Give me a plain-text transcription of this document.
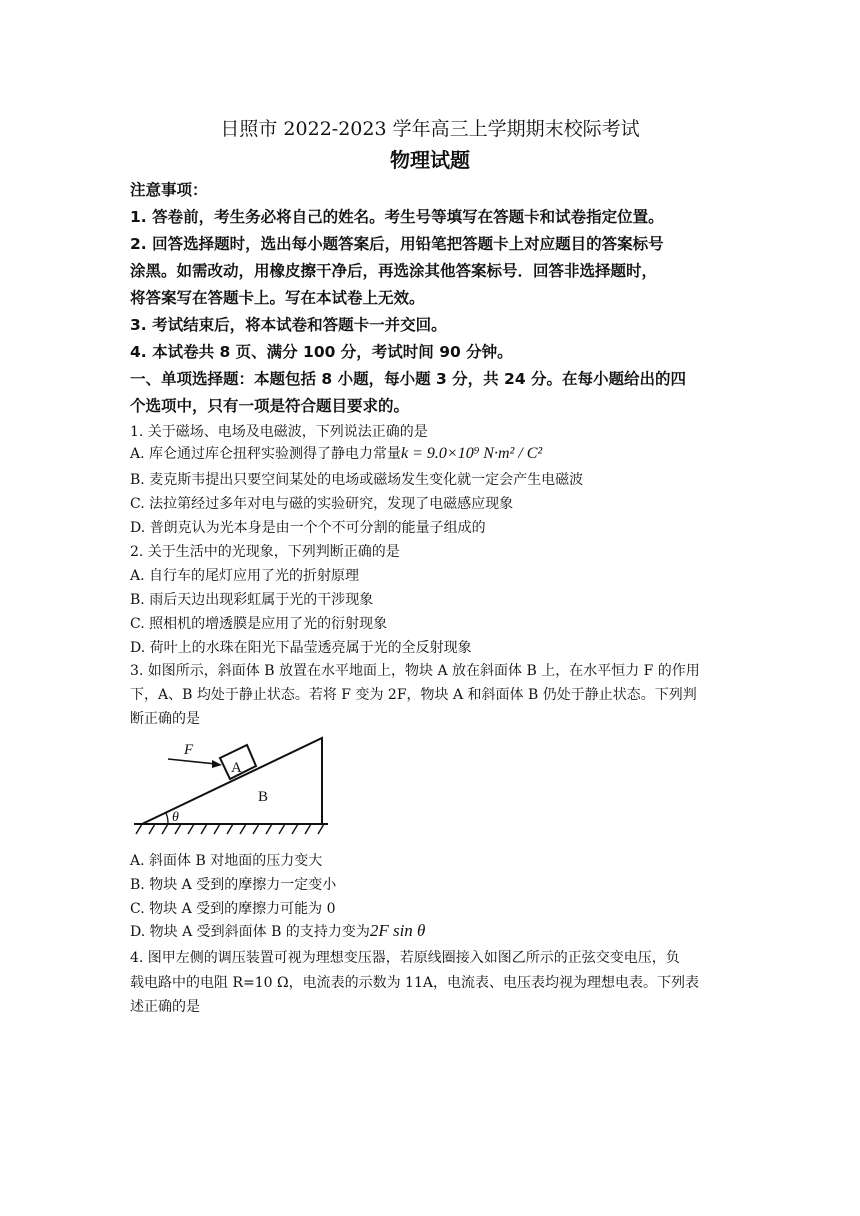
日照市 2022-2023 学年高三上学期期末校际考试
物理试题
注意事项：
1. 答卷前，考生务必将自己的姓名。考生号等填写在答题卡和试卷指定位置。
2. 回答选择题时，选出每小题答案后，用铅笔把答题卡上对应题目的答案标号
涂黑。如需改动，用橡皮擦干净后，再选涂其他答案标号．回答非选择题时，
将答案写在答题卡上。写在本试卷上无效。
3. 考试结束后，将本试卷和答题卡一并交回。
4. 本试卷共 8 页、满分 100 分，考试时间 90 分钟。
一、单项选择题：本题包括 8 小题，每小题 3 分，共 24 分。在每小题给出的四
个选项中，只有一项是符合题目要求的。
1. 关于磁场、电场及电磁波，下列说法正确的是
A. 库仑通过库仑扭秤实验测得了静电力常量k = 9.0×10⁹ N·m² / C²
B. 麦克斯韦提出只要空间某处的电场或磁场发生变化就一定会产生电磁波
C. 法拉第经过多年对电与磁的实验研究，发现了电磁感应现象
D. 普朗克认为光本身是由一个个不可分割的能量子组成的
2. 关于生活中的光现象，下列判断正确的是
A. 自行车的尾灯应用了光的折射原理
B. 雨后天边出现彩虹属于光的干涉现象
C. 照相机的增透膜是应用了光的衍射现象
D. 荷叶上的水珠在阳光下晶莹透亮属于光的全反射现象
3. 如图所示，斜面体 B 放置在水平地面上，物块 A 放在斜面体 B 上，在水平恒力 F 的作用
下，A、B 均处于静止状态。若将 F 变为 2F，物块 A 和斜面体 B 仍处于静止状态。下列判
断正确的是
θ
A
F
B
A. 斜面体 B 对地面的压力变大
B. 物块 A 受到的摩擦力一定变小
C. 物块 A 受到的摩擦力可能为 0
D. 物块 A 受到斜面体 B 的支持力变为2F sin θ
4. 图甲左侧的调压装置可视为理想变压器，若原线圈接入如图乙所示的正弦交变电压，负
载电路中的电阻 R=10 Ω，电流表的示数为 11A，电流表、电压表均视为理想电表。下列表
述正确的是
